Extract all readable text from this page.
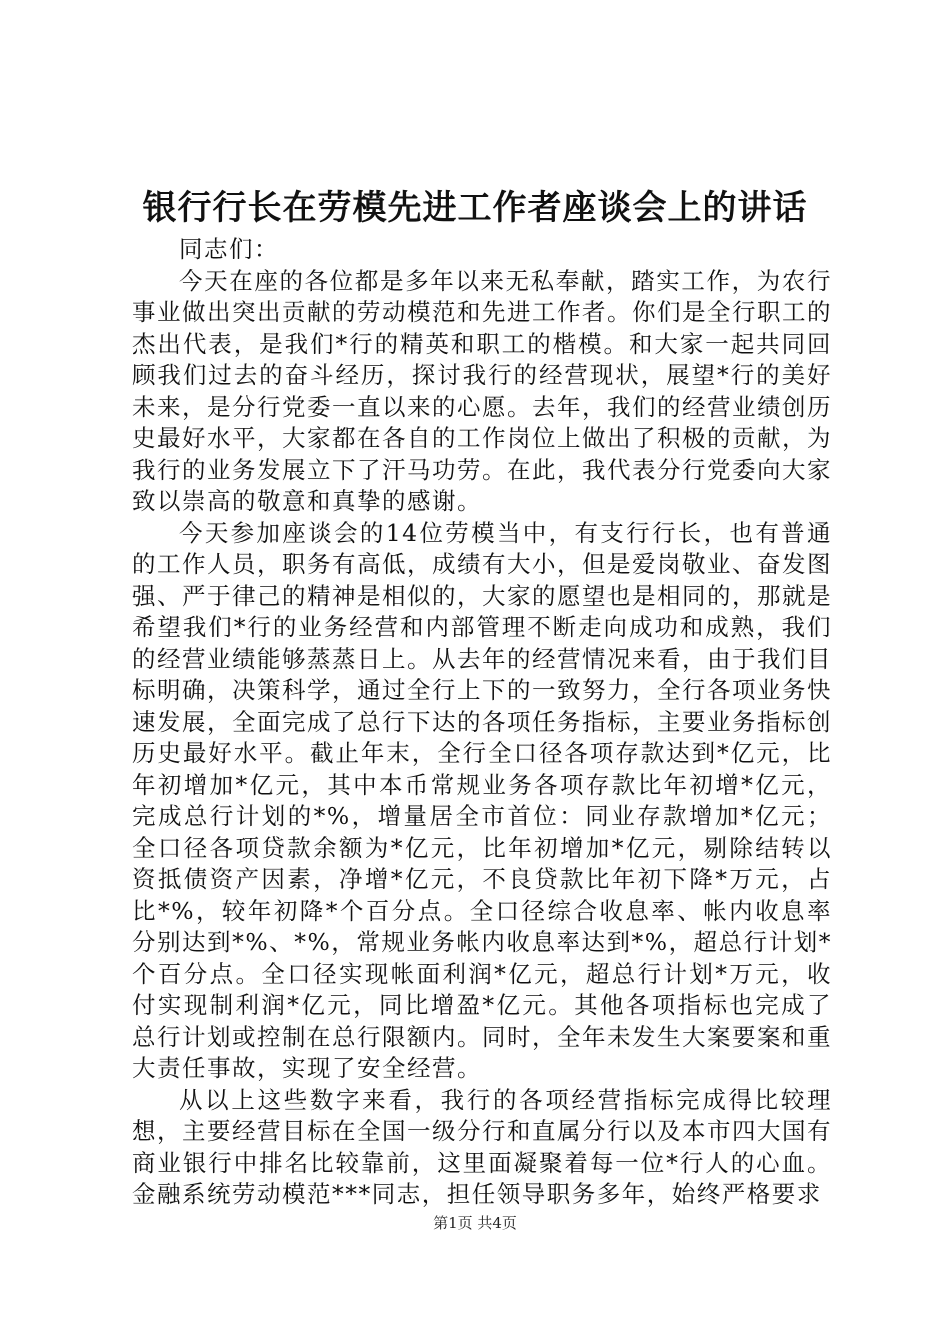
银行行长在劳模先进工作者座谈会上的讲话

同志们：

今天在座的各位都是多年以来无私奉献，踏实工作，为农行事业做出突出贡献的劳动模范和先进工作者。你们是全行职工的杰出代表，是我们*行的精英和职工的楷模。和大家一起共同回顾我们过去的奋斗经历，探讨我行的经营现状，展望*行的美好未来，是分行党委一直以来的心愿。去年，我们的经营业绩创历史最好水平，大家都在各自的工作岗位上做出了积极的贡献，为我行的业务发展立下了汗马功劳。在此，我代表分行党委向大家致以崇高的敬意和真挚的感谢。

今天参加座谈会的14位劳模当中，有支行行长，也有普通的工作人员，职务有高低，成绩有大小，但是爱岗敬业、奋发图强、严于律己的精神是相似的，大家的愿望也是相同的，那就是希望我们*行的业务经营和内部管理不断走向成功和成熟，我们的经营业绩能够蒸蒸日上。从去年的经营情况来看，由于我们目标明确，决策科学，通过全行上下的一致努力，全行各项业务快速发展，全面完成了总行下达的各项任务指标，主要业务指标创历史最好水平。截止年末，全行全口径各项存款达到*亿元，比年初增加*亿元，其中本币常规业务各项存款比年初增*亿元，完成总行计划的*%，增量居全市首位：同业存款增加*亿元；全口径各项贷款余额为*亿元，比年初增加*亿元，剔除结转以资抵债资产因素，净增*亿元，不良贷款比年初下降*万元，占比*%，较年初降*个百分点。全口径综合收息率、帐内收息率分别达到*%、*%，常规业务帐内收息率达到*%，超总行计划*个百分点。全口径实现帐面利润*亿元，超总行计划*万元，收付实现制利润*亿元，同比增盈*亿元。其他各项指标也完成了总行计划或控制在总行限额内。同时，全年未发生大案要案和重大责任事故，实现了安全经营。

从以上这些数字来看，我行的各项经营指标完成得比较理想，主要经营目标在全国一级分行和直属分行以及本市四大国有商业银行中排名比较靠前，这里面凝聚着每一位*行人的心血。金融系统劳动模范***同志，担任领导职务多年，始终严格要求

第1页 共4页
